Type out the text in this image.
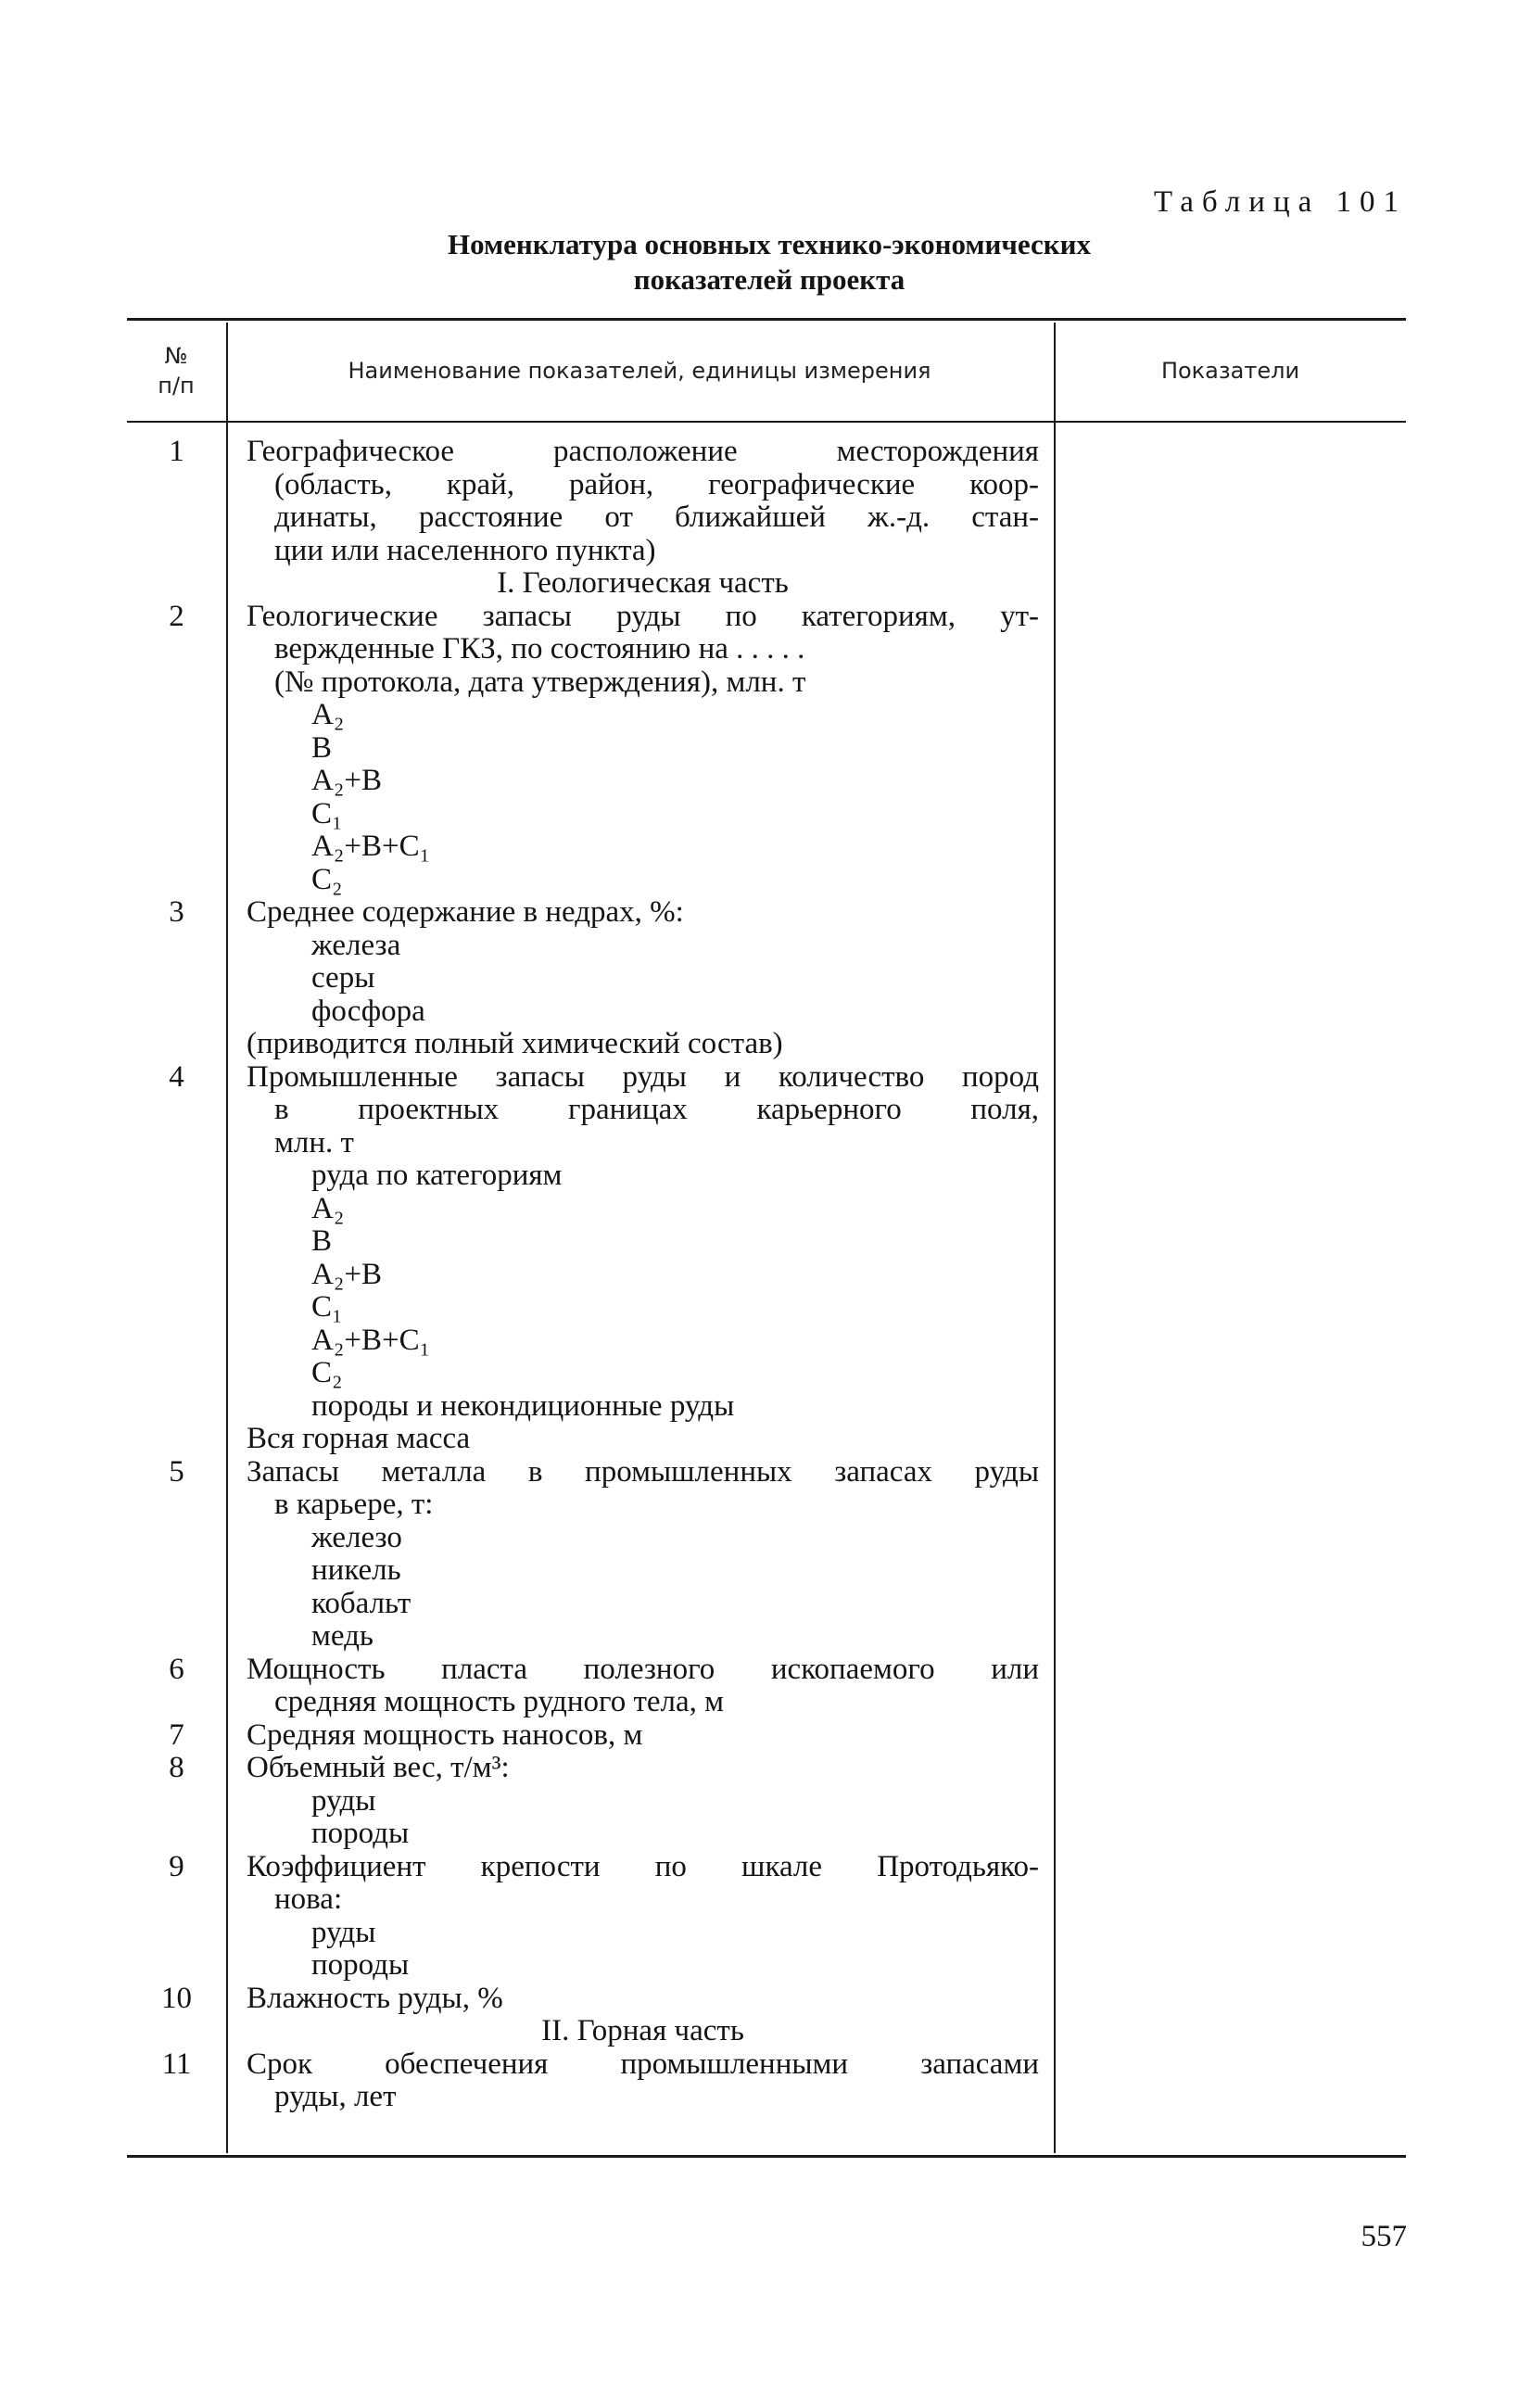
Таблица 101
Номенклатура основных технико-экономических
показателей проекта
№
п/п
Наименование показателей, единицы измерения	Показатели
1	Географическое расположение месторождения
(область, край, район, географические коор-
динаты, расстояние от ближайшей ж.-д. стан-
ции или населенного пункта)
I. Геологическая часть
2	Геологические запасы руды по категориям, ут-
вержденные ГКЗ, по состоянию на . . . . .
(№ протокола, дата утверждения), млн. т
A₂
B
A₂+B
C₁
A₂+B+C₁
C₂
3	Среднее содержание в недрах, %:
железа
серы
фосфора
(приводится полный химический состав)
4	Промышленные запасы руды и количество пород
в проектных границах карьерного поля,
млн. т
руда по категориям
A₂
B
A₂+B
C₁
A₂+B+C₁
C₂
породы и некондиционные руды
Вся горная масса
5	Запасы металла в промышленных запасах руды
в карьере, т:
железо
никель
кобальт
медь
6	Мощность пласта полезного ископаемого или
средняя мощность рудного тела, м
7	Средняя мощность наносов, м
8	Объемный вес, т/м³:
руды
породы
9	Коэффициент крепости по шкале Протодьяко-
нова:
руды
породы
10	Влажность руды, %
II. Горная часть
11	Срок обеспечения промышленными запасами
руды, лет
557
